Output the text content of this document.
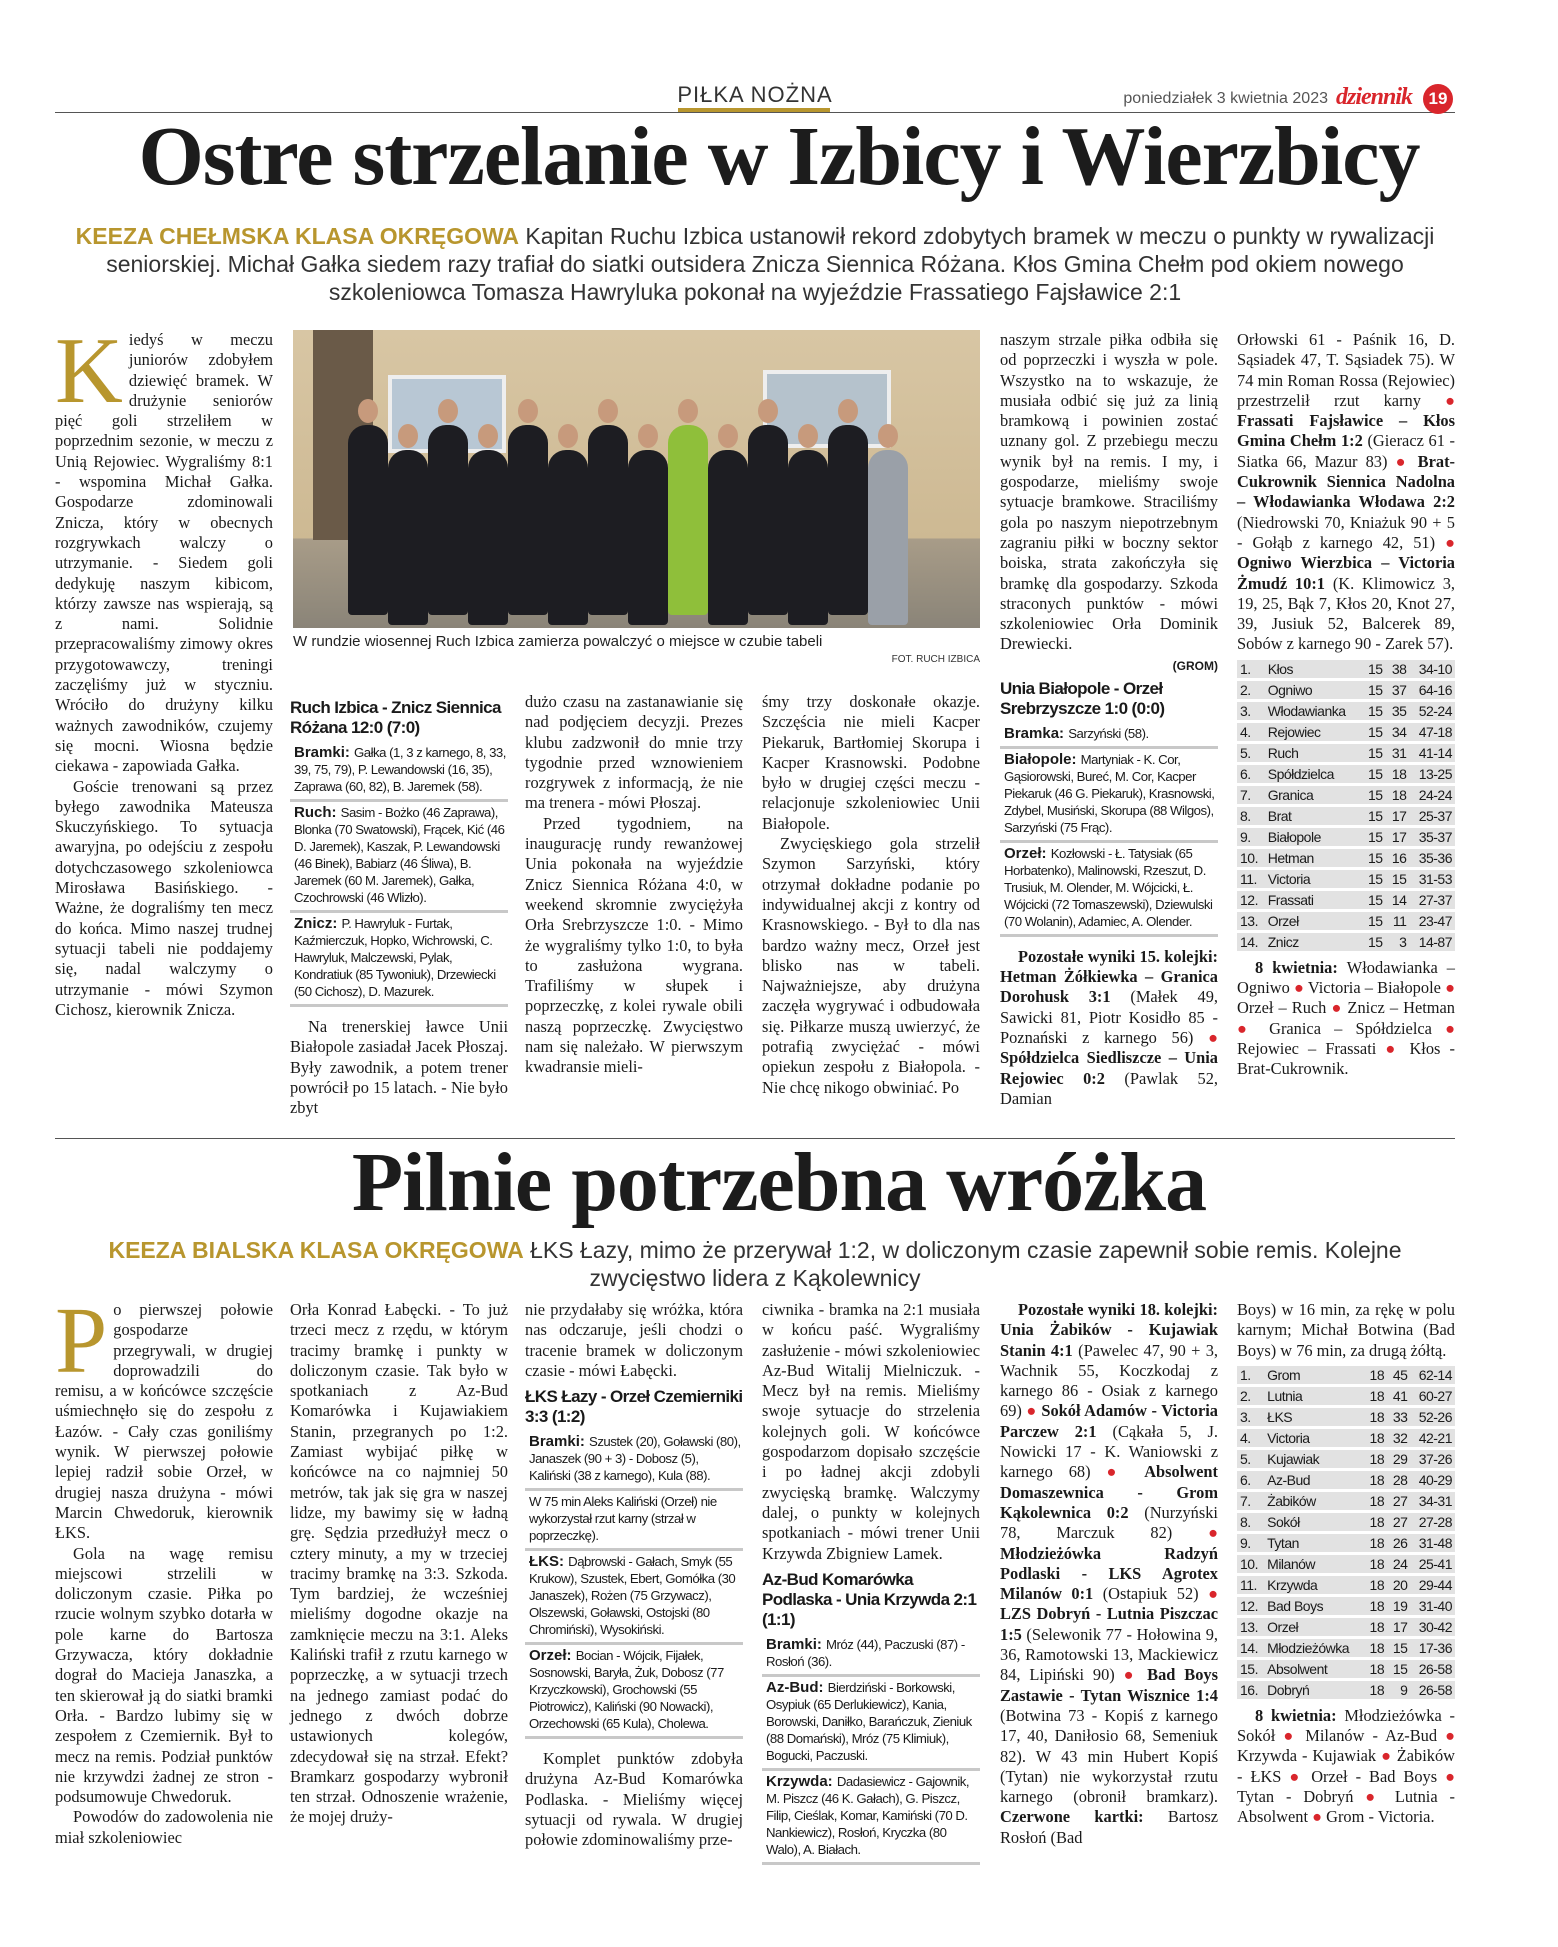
PIŁKA NOŻNA	poniedziałek 3 kwietnia 2023 dziennik 19
Ostre strzelanie w Izbicy i Wierzbicy
KEEZA CHEŁMSKA KLASA OKRĘGOWA Kapitan Ruchu Izbica ustanowił rekord zdobytych bramek w meczu o punkty w rywalizacji seniorskiej. Michał Gałka siedem razy trafiał do siatki outsidera Znicza Siennica Różana. Kłos Gmina Chełm pod okiem nowego szkoleniowca Tomasza Hawryluka pokonał na wyjeździe Frassatiego Fajsławice 2:1
W rundzie wiosennej Ruch Izbica zamierza powalczyć o miejsce w czubie tabeli
FOT. RUCH IZBICA

Kiedyś w meczu juniorów zdobyłem dziewięć bramek. W drużynie seniorów pięć goli strzeliłem w poprzednim sezonie, w meczu z Unią Rejowiec. Wygraliśmy 8:1 - wspomina Michał Gałka. Gospodarze zdominowali Znicza, który w obecnych rozgrywkach walczy o utrzymanie. - Siedem goli dedykuję naszym kibicom, którzy zawsze nas wspierają, są z nami. Solidnie przepracowaliśmy zimowy okres przygotowawczy, treningi zaczęliśmy już w styczniu. Wróciło do drużyny kilku ważnych zawodników, czujemy się mocni. Wiosna będzie ciekawa - zapowiada Gałka.

Goście trenowani są przez byłego zawodnika Mateusza Skuczyńskiego. To sytuacja awaryjna, po odejściu z zespołu dotychczasowego szkoleniowca Mirosława Basińskiego. - Ważne, że dograliśmy ten mecz do końca. Mimo naszej trudnej sytuacji tabeli nie poddajemy się, nadal walczymy o utrzymanie - mówi Szymon Cichosz, kierownik Znicza.

Ruch Izbica - Znicz Siennica Różana 12:0 (7:0)
Bramki: Gałka (1, 3 z karnego, 8, 33, 39, 75, 79), P. Lewandowski (16, 35), Zaprawa (60, 82), B. Jaremek (58).
Ruch: Sasim - Bożko (46 Zaprawa), Blonka (70 Swatowski), Frącek, Kić (46 D. Jaremek), Kaszak, P. Lewandowski (46 Binek), Babiarz (46 Śliwa), B. Jaremek (60 M. Jaremek), Gałka, Czochrowski (46 Wlizło).
Znicz: P. Hawryluk - Furtak, Kaźmierczuk, Hopko, Wichrowski, C. Hawryluk, Malczewski, Pylak, Kondratiuk (85 Tywoniuk), Drzewiecki (50 Cichosz), D. Mazurek.

Na trenerskiej ławce Unii Białopole zasiadał Jacek Płoszaj. Były zawodnik, a potem trener powrócił po 15 latach. - Nie było zbyt

dużo czasu na zastanawianie się nad podjęciem decyzji. Prezes klubu zadzwonił do mnie trzy tygodnie przed wznowieniem rozgrywek z informacją, że nie ma trenera - mówi Płoszaj.

Przed tygodniem, na inaugurację rundy rewanżowej Unia pokonała na wyjeździe Znicz Siennica Różana 4:0, w weekend skromnie zwyciężyła Orła Srebrzyszcze 1:0. - Mimo że wygraliśmy tylko 1:0, to była to zasłużona wygrana. Trafiliśmy w słupek i poprzeczkę, z kolei rywale obili naszą poprzeczkę. Zwycięstwo nam się należało. W pierwszym kwadransie mieli-

śmy trzy doskonałe okazje. Szczęścia nie mieli Kacper Piekaruk, Bartłomiej Skorupa i Kacper Krasnowski. Podobne było w drugiej części meczu - relacjonuje szkoleniowiec Unii Białopole.

Zwycięskiego gola strzelił Szymon Sarzyński, który otrzymał dokładne podanie po indywidualnej akcji z kontry od Krasnowskiego. - Był to dla nas bardzo ważny mecz, Orzeł jest blisko nas w tabeli. Najważniejsze, aby drużyna zaczęła wygrywać i odbudowała się. Piłkarze muszą uwierzyć, że potrafią zwyciężać - mówi opiekun zespołu z Białopola. - Nie chcę nikogo obwiniać. Po

naszym strzale piłka odbiła się od poprzeczki i wyszła w pole. Wszystko na to wskazuje, że musiała odbić się już za linią bramkową i powinien zostać uznany gol. Z przebiegu meczu wynik był na remis. I my, i gospodarze, mieliśmy swoje sytuacje bramkowe. Straciliśmy gola po naszym niepotrzebnym zagraniu piłki w boczny sektor boiska, strata zakończyła się bramkę dla gospodarzy. Szkoda straconych punktów - mówi szkoleniowiec Orła Dominik Drewiecki.

(GROM)
Unia Białopole - Orzeł Srebrzyszcze 1:0 (0:0)
Bramka: Sarzyński (58).
Białopole: Martyniak - K. Cor, Gąsiorowski, Bureć, M. Cor, Kacper Piekaruk (46 G. Piekaruk), Krasnowski, Zdybel, Musiński, Skorupa (88 Wilgos), Sarzyński (75 Frąc).
Orzeł: Kozłowski - Ł. Tatysiak (65 Horbatenko), Malinowski, Rzeszut, D. Trusiuk, M. Olender, M. Wójcicki, Ł. Wójcicki (72 Tomaszewski), Dziewulski (70 Wolanin), Adamiec, A. Olender.

Pozostałe wyniki 15. kolejki: Hetman Żółkiewka – Granica Dorohusk 3:1 (Małek 49, Sawicki 81, Piotr Kosidło 85 - Poznański z karnego 56) ● Spółdzielca Siedliszcze – Unia Rejowiec 0:2 (Pawlak 52, Damian

Orłowski 61 - Paśnik 16, D. Sąsiadek 47, T. Sąsiadek 75). W 74 min Roman Rossa (Rejowiec) przestrzelił rzut karny ● Frassati Fajsławice – Kłos Gmina Chełm 1:2 (Gieracz 61 - Siatka 66, Mazur 83) ● Brat-Cukrownik Siennica Nadolna – Włodawianka Włodawa 2:2 (Niedrowski 70, Kniażuk 90 + 5 - Gołąb z karnego 42, 51) ● Ogniwo Wierzbica – Victoria Żmudź 10:1 (K. Klimowicz 3, 19, 25, Bąk 7, Kłos 20, Knot 27, 39, Jusiuk 52, Balcerek 89, Sobów z karnego 90 - Zarek 57).

1.	Kłos	15	38	34-10
2.	Ogniwo	15	37	64-16
3.	Włodawianka	15	35	52-24
4.	Rejowiec	15	34	47-18
5.	Ruch	15	31	41-14
6.	Spółdzielca	15	18	13-25
7.	Granica	15	18	24-24
8.	Brat	15	17	25-37
9.	Białopole	15	17	35-37
10.	Hetman	15	16	35-36
11.	Victoria	15	15	31-53
12.	Frassati	15	14	27-37
13.	Orzeł	15	11	23-47
14.	Znicz	15	3	14-87

8 kwietnia: Włodawianka – Ogniwo ● Victoria – Białopole ● Orzeł – Ruch ● Znicz – Hetman ● Granica – Spółdzielca ● Rejowiec – Frassati ● Kłos - Brat-Cukrownik.

Pilnie potrzebna wróżka
KEEZA BIALSKA KLASA OKRĘGOWA ŁKS Łazy, mimo że przerywał 1:2, w doliczonym czasie zapewnił sobie remis. Kolejne zwycięstwo lidera z Kąkolewnicy

Po pierwszej połowie gospodarze przegrywali, w drugiej doprowadzili do remisu, a w końcówce szczęście uśmiechnęło się do zespołu z Łazów. - Cały czas goniliśmy wynik. W pierwszej połowie lepiej radził sobie Orzeł, w drugiej nasza drużyna - mówi Marcin Chwedoruk, kierownik ŁKS.

Gola na wagę remisu miejscowi strzelili w doliczonym czasie. Piłka po rzucie wolnym szybko dotarła w pole karne do Bartosza Grzywacza, który dokładnie dograł do Macieja Janaszka, a ten skierował ją do siatki bramki Orła. - Bardzo lubimy się w zespołem z Czemiernik. Był to mecz na remis. Podział punktów nie krzywdzi żadnej ze stron - podsumowuje Chwedoruk.

Powodów do zadowolenia nie miał szkoleniowiec

Orła Konrad Łabęcki. - To już trzeci mecz z rzędu, w którym tracimy bramkę i punkty w doliczonym czasie. Tak było w spotkaniach z Az-Bud Komarówka i Kujawiakiem Stanin, przegranych po 1:2. Zamiast wybijać piłkę w końcówce na co najmniej 50 metrów, tak jak się gra w naszej lidze, my bawimy się w ładną grę. Sędzia przedłużył mecz o cztery minuty, a my w trzeciej tracimy bramkę na 3:3. Szkoda. Tym bardziej, że wcześniej mieliśmy dogodne okazje na zamknięcie meczu na 3:1. Aleks Kaliński trafił z rzutu karnego w poprzeczkę, a w sytuacji trzech na jednego zamiast podać do jednego z dwóch dobrze ustawionych kolegów, zdecydował się na strzał. Efekt? Bramkarz gospodarzy wybronił ten strzał. Odnoszenie wrażenie, że mojej druży-

nie przydałaby się wróżka, która nas odczaruje, jeśli chodzi o tracenie bramek w doliczonym czasie - mówi Łabęcki.

ŁKS Łazy - Orzeł Czemierniki 3:3 (1:2)
Bramki: Szustek (20), Goławski (80), Janaszek (90 + 3) - Dobosz (5), Kaliński (38 z karnego), Kula (88).
W 75 min Aleks Kaliński (Orzeł) nie wykorzystał rzut karny (strzał w poprzeczkę).
ŁKS: Dąbrowski - Gałach, Smyk (55 Krukow), Szustek, Ebert, Gomółka (30 Janaszek), Rożen (75 Grzywacz), Olszewski, Goławski, Ostojski (80 Chromiński), Wysokiński.
Orzeł: Bocian - Wójcik, Fijałek, Sosnowski, Baryła, Żuk, Dobosz (77 Krzyczkowski), Grochowski (55 Piotrowicz), Kaliński (90 Nowacki), Orzechowski (65 Kula), Cholewa.

Komplet punktów zdobyła drużyna Az-Bud Komarówka Podlaska. - Mieliśmy więcej sytuacji od rywala. W drugiej połowie zdominowaliśmy prze-

ciwnika - bramka na 2:1 musiała w końcu paść. Wygraliśmy zasłużenie - mówi szkoleniowiec Az-Bud Witalij Mielniczuk. - Mecz był na remis. Mieliśmy swoje sytuacje do strzelenia kolejnych goli. W końcówce gospodarzom dopisało szczęście i po ładnej akcji zdobyli zwycięską bramkę. Walczymy dalej, o punkty w kolejnych spotkaniach - mówi trener Unii Krzywda Zbigniew Lamek.

Az-Bud Komarówka Podlaska - Unia Krzywda 2:1 (1:1)
Bramki: Mróz (44), Paczuski (87) - Rosłoń (36).
Az-Bud: Bierdziński - Borkowski, Osypiuk (65 Derlukiewicz), Kania, Borowski, Daniłko, Barańczuk, Zieniuk (88 Domański), Mróz (75 Klimiuk), Bogucki, Paczuski.
Krzywda: Dadasiewicz - Gajownik, M. Piszcz (46 K. Gałach), G. Piszcz, Filip, Cieślak, Komar, Kamiński (70 D. Nankiewicz), Rosłoń, Kryczka (80 Walo), A. Białach.

Pozostałe wyniki 18. kolejki: Unia Żabików - Kujawiak Stanin 4:1 (Pawelec 47, 90 + 3, Wachnik 55, Koczkodaj z karnego 86 - Osiak z karnego 69) ● Sokół Adamów - Victoria Parczew 2:1 (Cąkała 5, J. Nowicki 17 - K. Waniowski z karnego 68) ● Absolwent Domaszewnica - Grom Kąkolewnica 0:2 (Nurzyński 78, Marczuk 82) ● Młodzieżówka Radzyń Podlaski - LKS Agrotex Milanów 0:1 (Ostapiuk 52) ● LZS Dobryń - Lutnia Piszczac 1:5 (Selewonik 77 - Hołowina 9, 36, Ramotowski 13, Mackiewicz 84, Lipiński 90) ● Bad Boys Zastawie - Tytan Wisznice 1:4 (Botwina 73 - Kopiś z karnego 17, 40, Daniłosio 68, Semeniuk 82). W 43 min Hubert Kopiś (Tytan) nie wykorzystał rzutu karnego (obronił bramkarz). Czerwone kartki: Bartosz Rosłoń (Bad

Boys) w 16 min, za rękę w polu karnym; Michał Botwina (Bad Boys) w 76 min, za drugą żółtą.

1.	Grom	18	45	62-14
2.	Lutnia	18	41	60-27
3.	ŁKS	18	33	52-26
4.	Victoria	18	32	42-21
5.	Kujawiak	18	29	37-26
6.	Az-Bud	18	28	40-29
7.	Żabików	18	27	34-31
8.	Sokół	18	27	27-28
9.	Tytan	18	26	31-48
10.	Milanów	18	24	25-41
11.	Krzywda	18	20	29-44
12.	Bad Boys	18	19	31-40
13.	Orzeł	18	17	30-42
14.	Młodzieżówka	18	15	17-36
15.	Absolwent	18	15	26-58
16.	Dobryń	18	9	26-58

8 kwietnia: Młodzieżówka - Sokół ● Milanów - Az-Bud ● Krzywda - Kujawiak ● Żabików - ŁKS ● Orzeł - Bad Boys ● Tytan - Dobryń ● Lutnia - Absolwent ● Grom - Victoria.
